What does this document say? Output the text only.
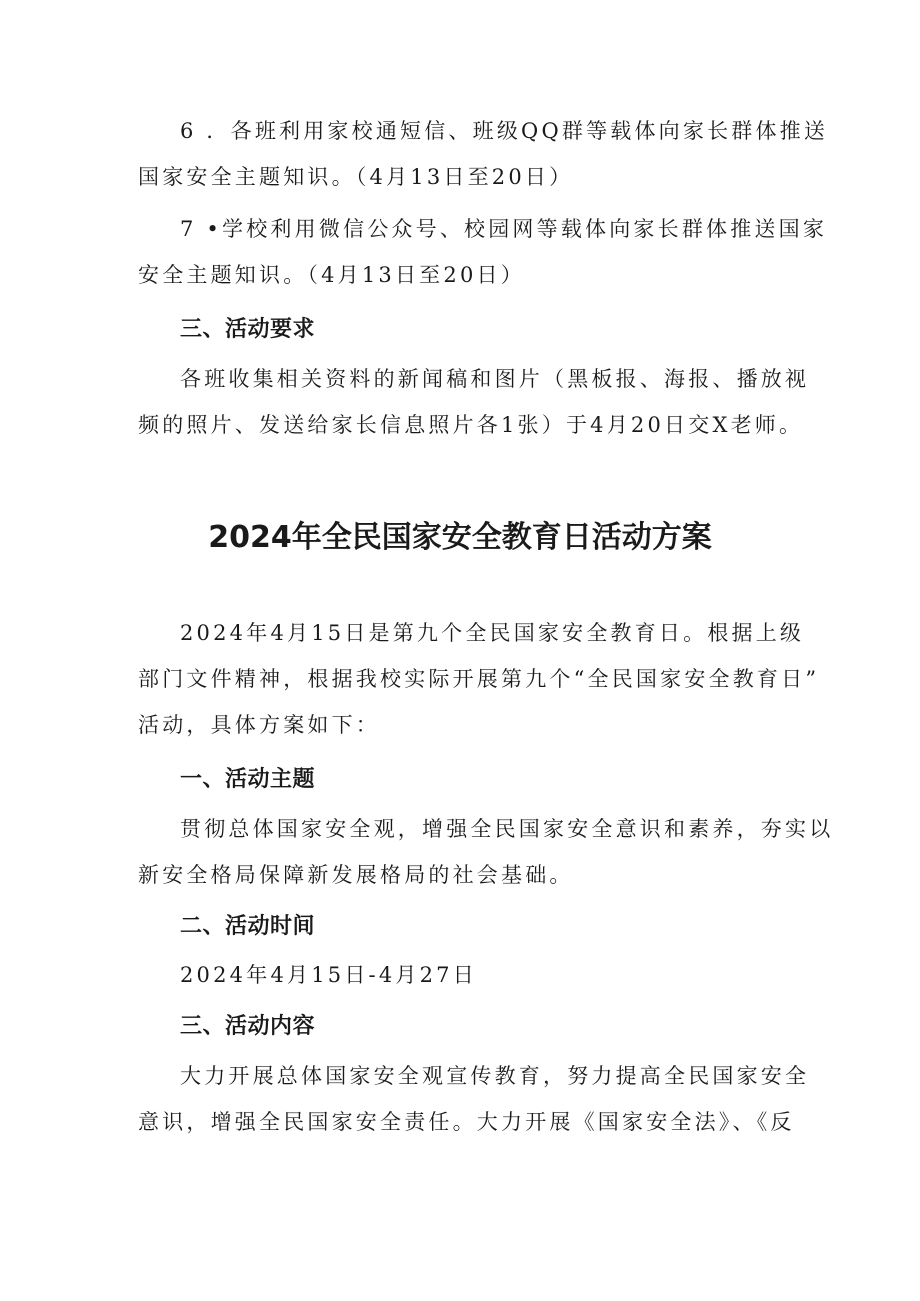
6 ．各班利用家校通短信、班级QQ群等载体向家长群体推送
国家安全主题知识。（4月13日至20日）

7 •学校利用微信公众号、校园网等载体向家长群体推送国家
安全主题知识。（4月13日至20日）

三、活动要求

各班收集相关资料的新闻稿和图片（黑板报、海报、播放视
频的照片、发送给家长信息照片各1张）于4月20日交X老师。

2024年全民国家安全教育日活动方案

2024年4月15日是第九个全民国家安全教育日。根据上级
部门文件精神，根据我校实际开展第九个“全民国家安全教育日”
活动，具体方案如下：

一、活动主题

贯彻总体国家安全观，增强全民国家安全意识和素养，夯实以
新安全格局保障新发展格局的社会基础。

二、活动时间

2024年4月15日-4月27日

三、活动内容

大力开展总体国家安全观宣传教育，努力提高全民国家安全
意识，增强全民国家安全责任。大力开展《国家安全法》、《反
